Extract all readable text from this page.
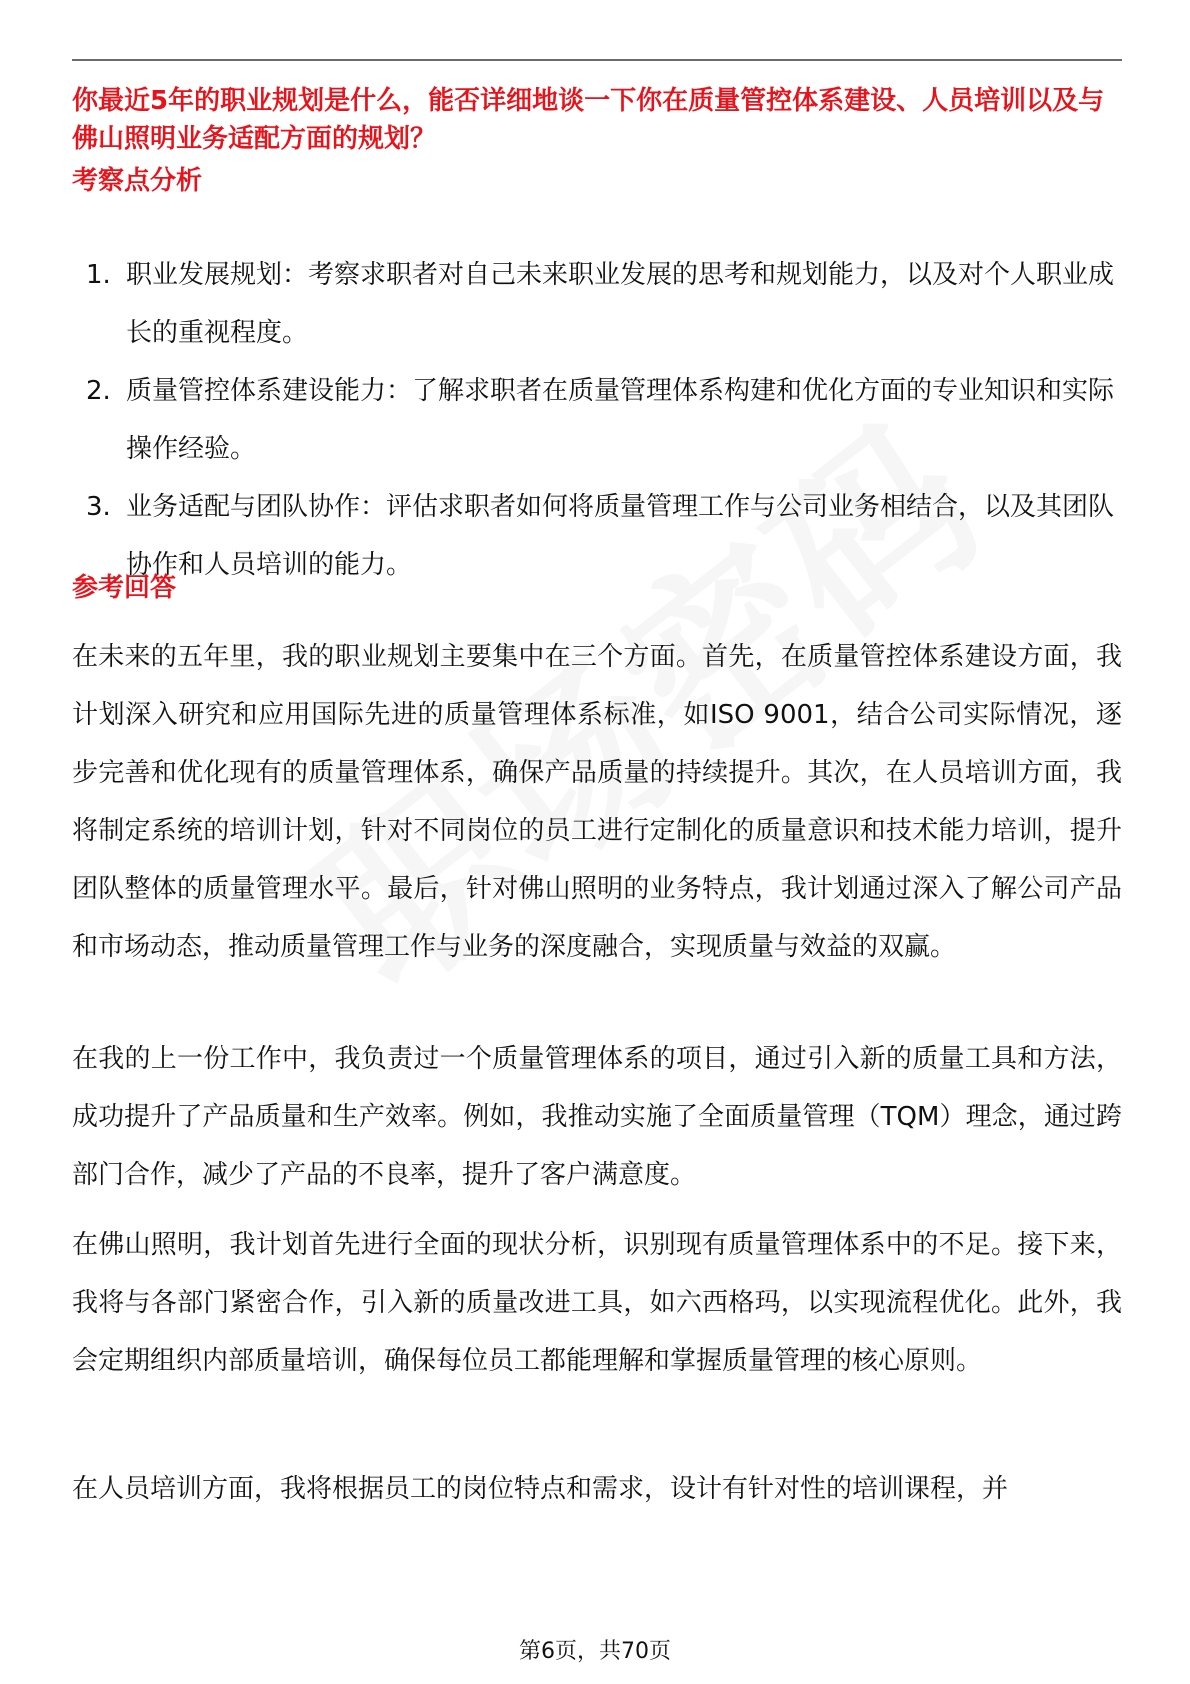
你最近5年的职业规划是什么，能否详细地谈一下你在质量管控体系建设、人员培训以及与佛山照明业务适配方面的规划？
考察点分析
1. 职业发展规划：考察求职者对自己未来职业发展的思考和规划能力，以及对个人职业成长的重视程度。
2. 质量管控体系建设能力：了解求职者在质量管理体系构建和优化方面的专业知识和实际操作经验。
3. 业务适配与团队协作：评估求职者如何将质量管理工作与公司业务相结合，以及其团队协作和人员培训的能力。
参考回答

在未来的五年里，我的职业规划主要集中在三个方面。首先，在质量管控体系建设方面，我计划深入研究和应用国际先进的质量管理体系标准，如ISO 9001，结合公司实际情况，逐步完善和优化现有的质量管理体系，确保产品质量的持续提升。其次，在人员培训方面，我将制定系统的培训计划，针对不同岗位的员工进行定制化的质量意识和技术能力培训，提升团队整体的质量管理水平。最后，针对佛山照明的业务特点，我计划通过深入了解公司产品和市场动态，推动质量管理工作与业务的深度融合，实现质量与效益的双赢。

在我的上一份工作中，我负责过一个质量管理体系的项目，通过引入新的质量工具和方法，成功提升了产品质量和生产效率。例如，我推动实施了全面质量管理（TQM）理念，通过跨部门合作，减少了产品的不良率，提升了客户满意度。

在佛山照明，我计划首先进行全面的现状分析，识别现有质量管理体系中的不足。接下来，我将与各部门紧密合作，引入新的质量改进工具，如六西格玛，以实现流程优化。此外，我会定期组织内部质量培训，确保每位员工都能理解和掌握质量管理的核心原则。

在人员培训方面，我将根据员工的岗位特点和需求，设计有针对性的培训课程，并

第6页，共70页
